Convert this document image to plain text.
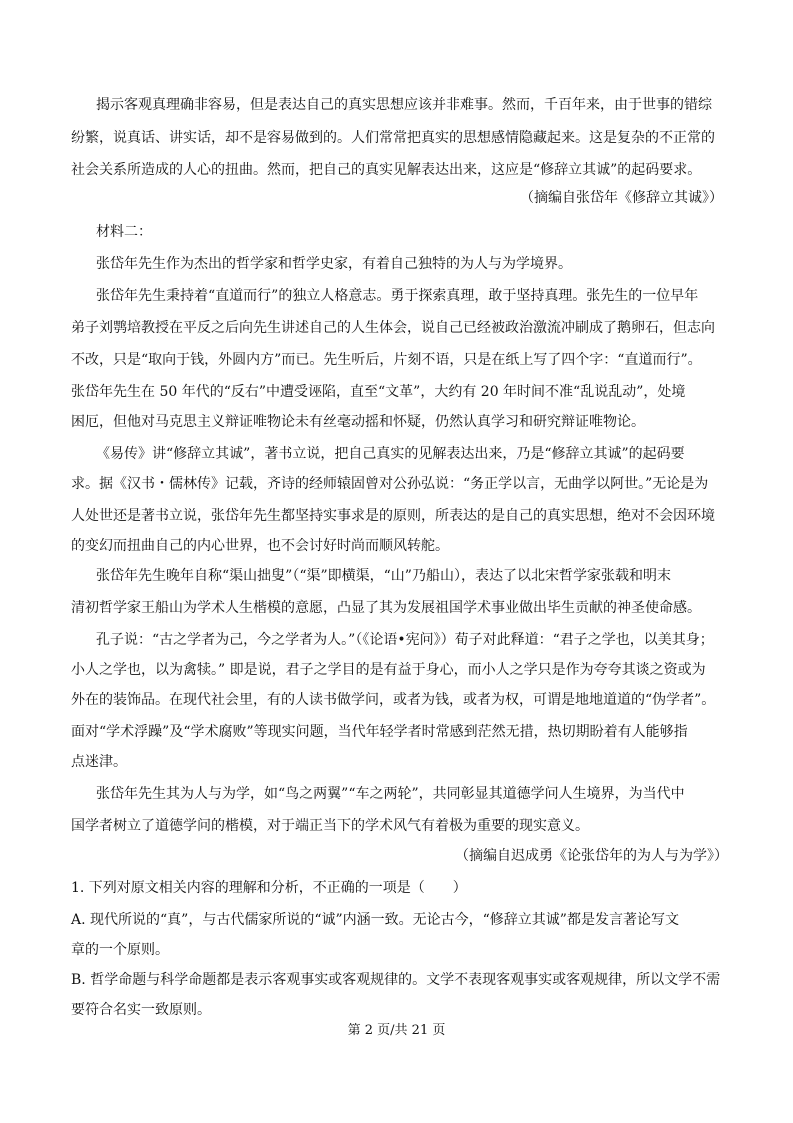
揭示客观真理确非容易，但是表达自己的真实思想应该并非难事。然而，千百年来，由于世事的错综
纷繁，说真话、讲实话，却不是容易做到的。人们常常把真实的思想感情隐藏起来。这是复杂的不正常的
社会关系所造成的人心的扭曲。然而，把自己的真实见解表达出来，这应是“修辞立其诚”的起码要求。
（摘编自张岱年《修辞立其诚》）
材料二：
张岱年先生作为杰出的哲学家和哲学史家，有着自己独特的为人与为学境界。
张岱年先生秉持着“直道而行”的独立人格意志。勇于探索真理，敢于坚持真理。张先生的一位早年
弟子刘鹗培教授在平反之后向先生讲述自己的人生体会，说自己已经被政治激流冲刷成了鹅卵石，但志向
不改，只是“取向于钱，外圆内方”而已。先生听后，片刻不语，只是在纸上写了四个字：“直道而行”。
张岱年先生在 50 年代的“反右”中遭受诬陷，直至“文革”，大约有 20 年时间不准“乱说乱动”，处境
困厄，但他对马克思主义辩证唯物论未有丝毫动摇和怀疑，仍然认真学习和研究辩证唯物论。
《易传》讲“修辞立其诚”，著书立说，把自己真实的见解表达出来，乃是“修辞立其诚”的起码要
求。据《汉书・儒林传》记载，齐诗的经师辕固曾对公孙弘说：“务正学以言，无曲学以阿世。”无论是为
人处世还是著书立说，张岱年先生都坚持实事求是的原则，所表达的是自己的真实思想，绝对不会因环境
的变幻而扭曲自己的内心世界，也不会讨好时尚而顺风转舵。
张岱年先生晚年自称“渠山拙叟”（“渠”即横渠，“山”乃船山），表达了以北宋哲学家张载和明末
清初哲学家王船山为学术人生楷模的意愿，凸显了其为发展祖国学术事业做出毕生贡献的神圣使命感。
孔子说：“古之学者为己，今之学者为人。”（《论语•宪问》）荀子对此释道：“君子之学也，以美其身；
小人之学也，以为禽犊。” 即是说，君子之学目的是有益于身心，而小人之学只是作为夸夸其谈之资或为
外在的装饰品。在现代社会里，有的人读书做学问，或者为钱，或者为权，可谓是地地道道的“伪学者”。
面对“学术浮躁”及“学术腐败”等现实问题，当代年轻学者时常感到茫然无措，热切期盼着有人能够指
点迷津。
张岱年先生其为人与为学，如“鸟之两翼”“车之两轮”，共同彰显其道德学问人生境界，为当代中
国学者树立了道德学问的楷模，对于端正当下的学术风气有着极为重要的现实意义。
（摘编自迟成勇《论张岱年的为人与为学》）
1. 下列对原文相关内容的理解和分析，不正确的一项是（　　）
A. 现代所说的“真”，与古代儒家所说的“诚”内涵一致。无论古今，“修辞立其诚”都是发言著论写文
章的一个原则。
B. 哲学命题与科学命题都是表示客观事实或客观规律的。文学不表现客观事实或客观规律，所以文学不需
要符合名实一致原则。
第 2 页/共 21 页
